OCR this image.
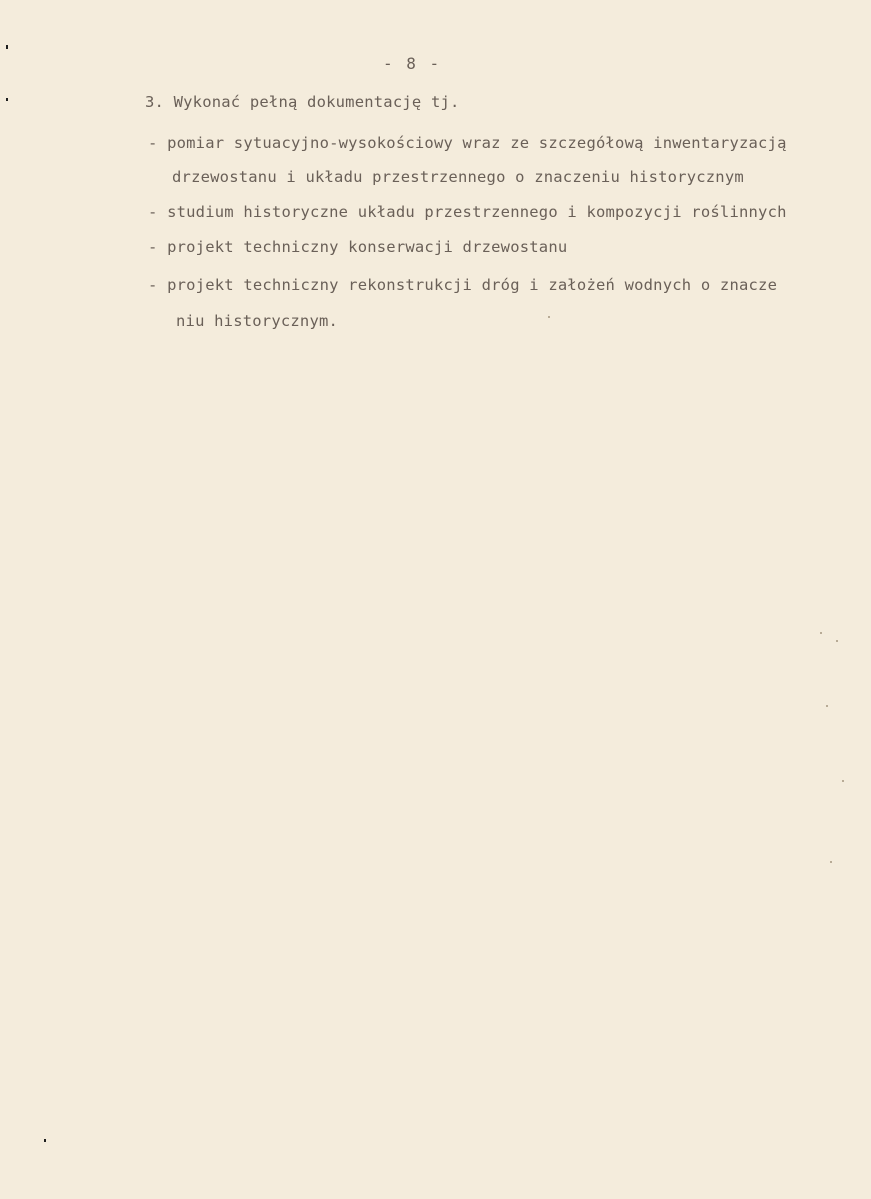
- 8 -
3. Wykonać pełną dokumentację tj.
- pomiar sytuacyjno-wysokościowy wraz ze szczegółową inwentaryzacją
drzewostanu i układu przestrzennego o znaczeniu historycznym
- studium historyczne układu przestrzennego i kompozycji roślinnych
- projekt techniczny konserwacji drzewostanu
- projekt techniczny rekonstrukcji dróg i założeń wodnych o znacze
niu historycznym.
